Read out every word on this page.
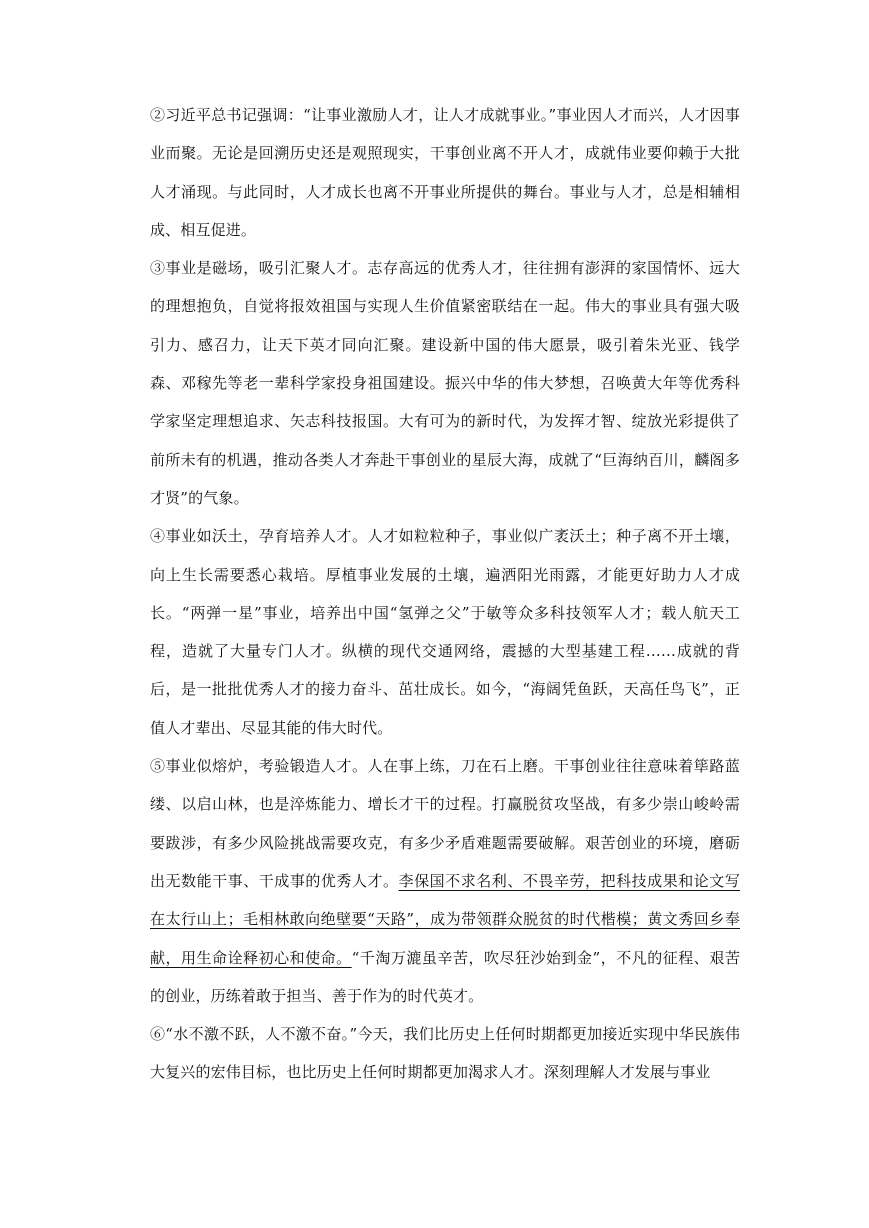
②习近平总书记强调：“让事业激励人才，让人才成就事业。”事业因人才而兴，人才因事业而聚。无论是回溯历史还是观照现实，干事创业离不开人才，成就伟业要仰赖于大批人才涌现。与此同时，人才成长也离不开事业所提供的舞台。事业与人才，总是相辅相成、相互促进。

③事业是磁场，吸引汇聚人才。志存高远的优秀人才，往往拥有澎湃的家国情怀、远大的理想抱负，自觉将报效祖国与实现人生价值紧密联结在一起。伟大的事业具有强大吸引力、感召力，让天下英才同向汇聚。建设新中国的伟大愿景，吸引着朱光亚、钱学森、邓稼先等老一辈科学家投身祖国建设。振兴中华的伟大梦想，召唤黄大年等优秀科学家坚定理想追求、矢志科技报国。大有可为的新时代，为发挥才智、绽放光彩提供了前所未有的机遇，推动各类人才奔赴干事创业的星辰大海，成就了“巨海纳百川，麟阁多才贤”的气象。

④事业如沃土，孕育培养人才。人才如粒粒种子，事业似广袤沃土；种子离不开土壤，向上生长需要悉心栽培。厚植事业发展的土壤，遍洒阳光雨露，才能更好助力人才成长。“两弹一星”事业，培养出中国“氢弹之父”于敏等众多科技领军人才；载人航天工程，造就了大量专门人才。纵横的现代交通网络，震撼的大型基建工程……成就的背后，是一批批优秀人才的接力奋斗、茁壮成长。如今，“海阔凭鱼跃，天高任鸟飞”，正值人才辈出、尽显其能的伟大时代。

⑤事业似熔炉，考验锻造人才。人在事上练，刀在石上磨。干事创业往往意味着筚路蓝缕、以启山林，也是淬炼能力、增长才干的过程。打赢脱贫攻坚战，有多少崇山峻岭需要跋涉，有多少风险挑战需要攻克，有多少矛盾难题需要破解。艰苦创业的环境，磨砺出无数能干事、干成事的优秀人才。李保国不求名利、不畏辛劳，把科技成果和论文写在太行山上；毛相林敢向绝壁要“天路”，成为带领群众脱贫的时代楷模；黄文秀回乡奉献，用生命诠释初心和使命。“千淘万漉虽辛苦，吹尽狂沙始到金”，不凡的征程、艰苦的创业，历练着敢于担当、善于作为的时代英才。

⑥“水不激不跃，人不激不奋。”今天，我们比历史上任何时期都更加接近实现中华民族伟大复兴的宏伟目标，也比历史上任何时期都更加渴求人才。深刻理解人才发展与事业
